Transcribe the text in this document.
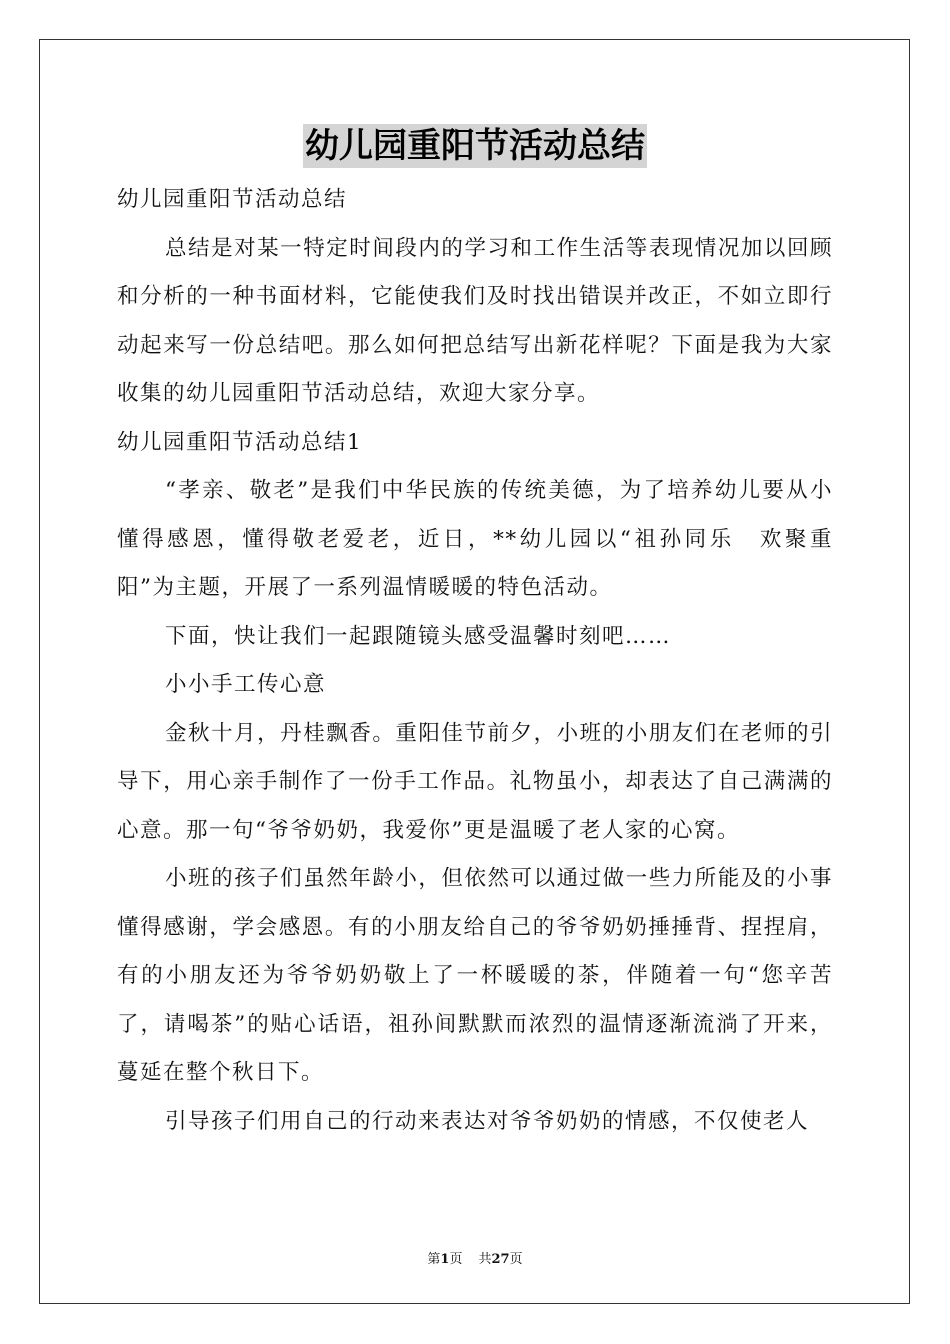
幼儿园重阳节活动总结

幼儿园重阳节活动总结

总结是对某一特定时间段内的学习和工作生活等表现情况加以回顾和分析的一种书面材料，它能使我们及时找出错误并改正，不如立即行动起来写一份总结吧。那么如何把总结写出新花样呢？下面是我为大家收集的幼儿园重阳节活动总结，欢迎大家分享。

幼儿园重阳节活动总结1

“孝亲、敬老”是我们中华民族的传统美德，为了培养幼儿要从小懂得感恩，懂得敬老爱老，近日，**幼儿园以“祖孙同乐　欢聚重阳”为主题，开展了一系列温情暖暖的特色活动。

下面，快让我们一起跟随镜头感受温馨时刻吧……

小小手工传心意

金秋十月，丹桂飘香。重阳佳节前夕，小班的小朋友们在老师的引导下，用心亲手制作了一份手工作品。礼物虽小，却表达了自己满满的心意。那一句“爷爷奶奶，我爱你”更是温暖了老人家的心窝。

小班的孩子们虽然年龄小，但依然可以通过做一些力所能及的小事懂得感谢，学会感恩。有的小朋友给自己的爷爷奶奶捶捶背、捏捏肩，有的小朋友还为爷爷奶奶敬上了一杯暖暖的茶，伴随着一句“您辛苦了，请喝茶”的贴心话语，祖孙间默默而浓烈的温情逐渐流淌了开来，蔓延在整个秋日下。

引导孩子们用自己的行动来表达对爷爷奶奶的情感，不仅使老人

第1页 共27页
